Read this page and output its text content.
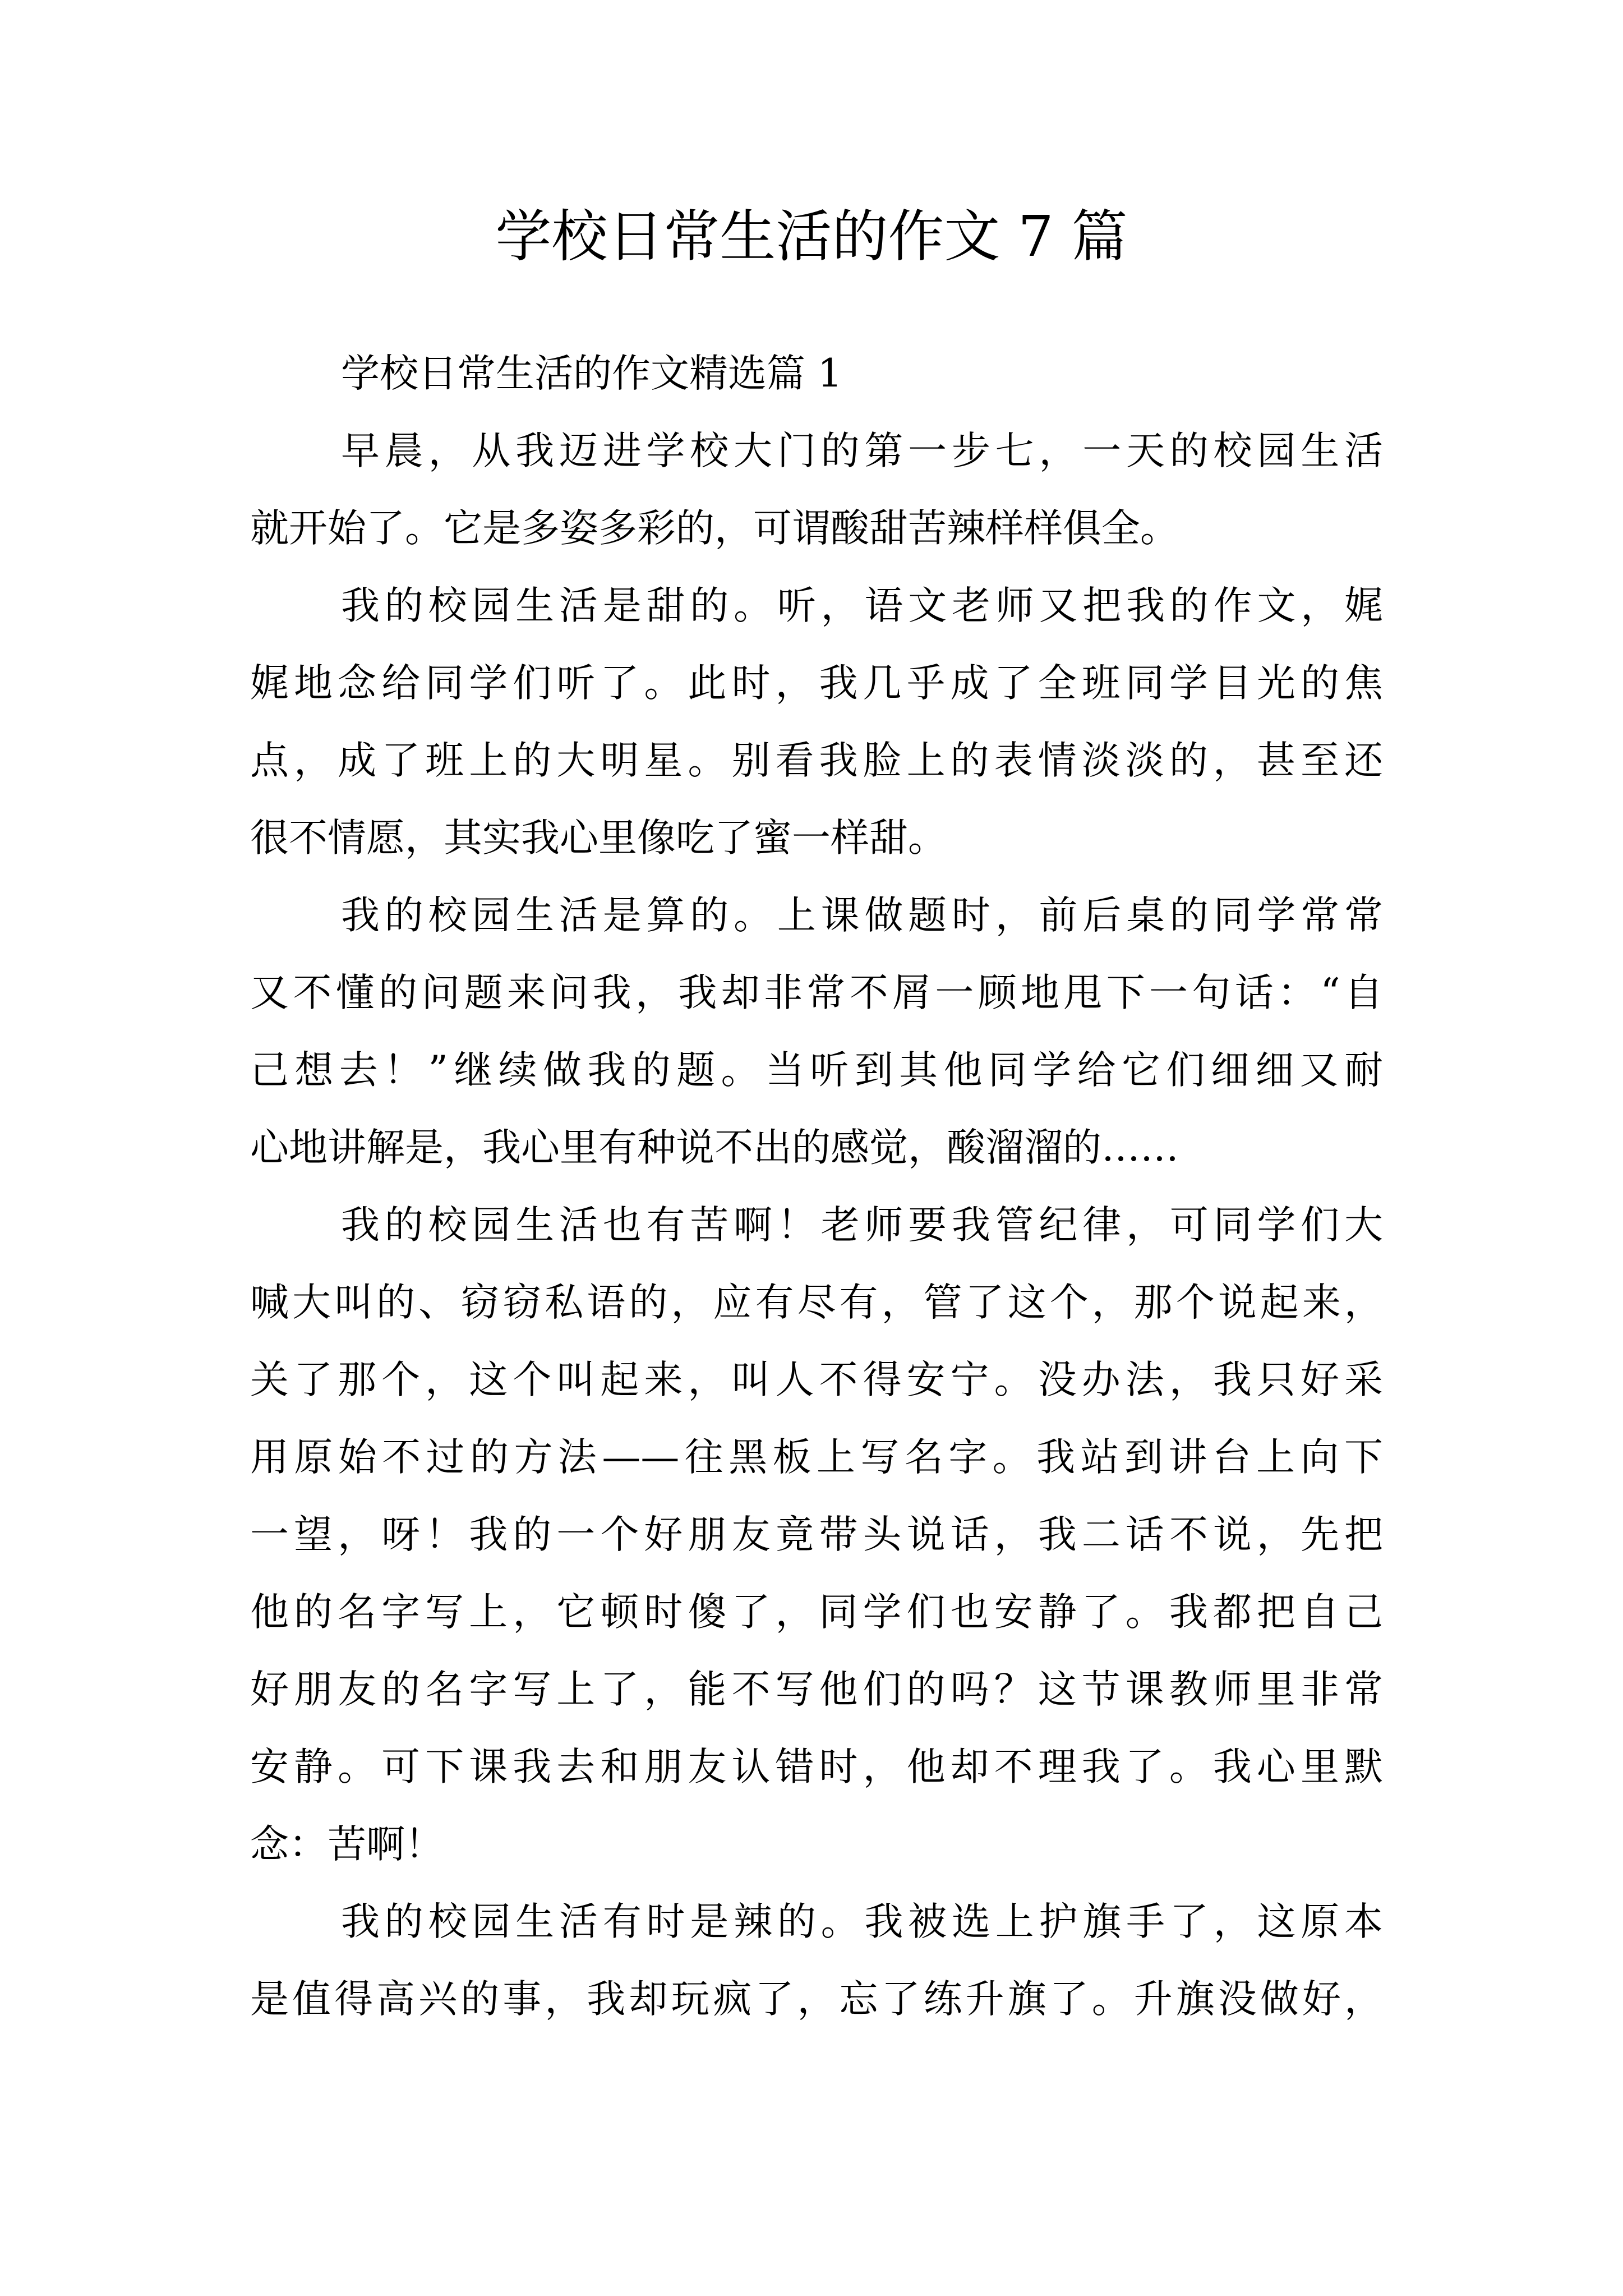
学校日常生活的作文 7 篇
学校日常生活的作文精选篇 1
早晨，从我迈进学校大门的第一步七，一天的校园生活
就开始了。它是多姿多彩的，可谓酸甜苦辣样样俱全。
我的校园生活是甜的。听，语文老师又把我的作文，娓
娓地念给同学们听了。此时，我几乎成了全班同学目光的焦
点，成了班上的大明星。别看我脸上的表情淡淡的，甚至还
很不情愿，其实我心里像吃了蜜一样甜。
我的校园生活是算的。上课做题时，前后桌的同学常常
又不懂的问题来问我，我却非常不屑一顾地甩下一句话：“自
己想去！”继续做我的题。当听到其他同学给它们细细又耐
心地讲解是，我心里有种说不出的感觉，酸溜溜的……
我的校园生活也有苦啊！老师要我管纪律，可同学们大
喊大叫的、窃窃私语的，应有尽有，管了这个，那个说起来，
关了那个，这个叫起来，叫人不得安宁。没办法，我只好采
用原始不过的方法——往黑板上写名字。我站到讲台上向下
一望，呀！我的一个好朋友竟带头说话，我二话不说，先把
他的名字写上，它顿时傻了，同学们也安静了。我都把自己
好朋友的名字写上了，能不写他们的吗？这节课教师里非常
安静。可下课我去和朋友认错时，他却不理我了。我心里默
念：苦啊！
我的校园生活有时是辣的。我被选上护旗手了，这原本
是值得高兴的事，我却玩疯了，忘了练升旗了。升旗没做好，
